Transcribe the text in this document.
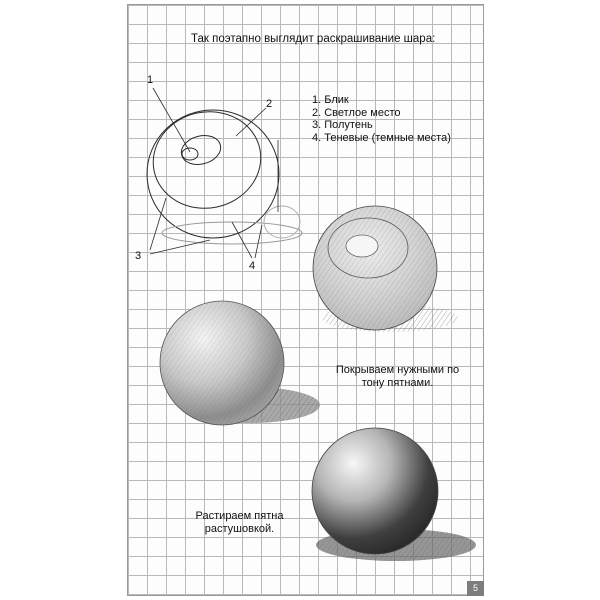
Так поэтапно выглядит раскрашивание шара:
1. Блик
2. Светлое место
3. Полутень
4. Теневые (темные места)
1
2
3
4
Покрываем нужными по тону пятнами.
Растираем пятна растушовкой.
5
